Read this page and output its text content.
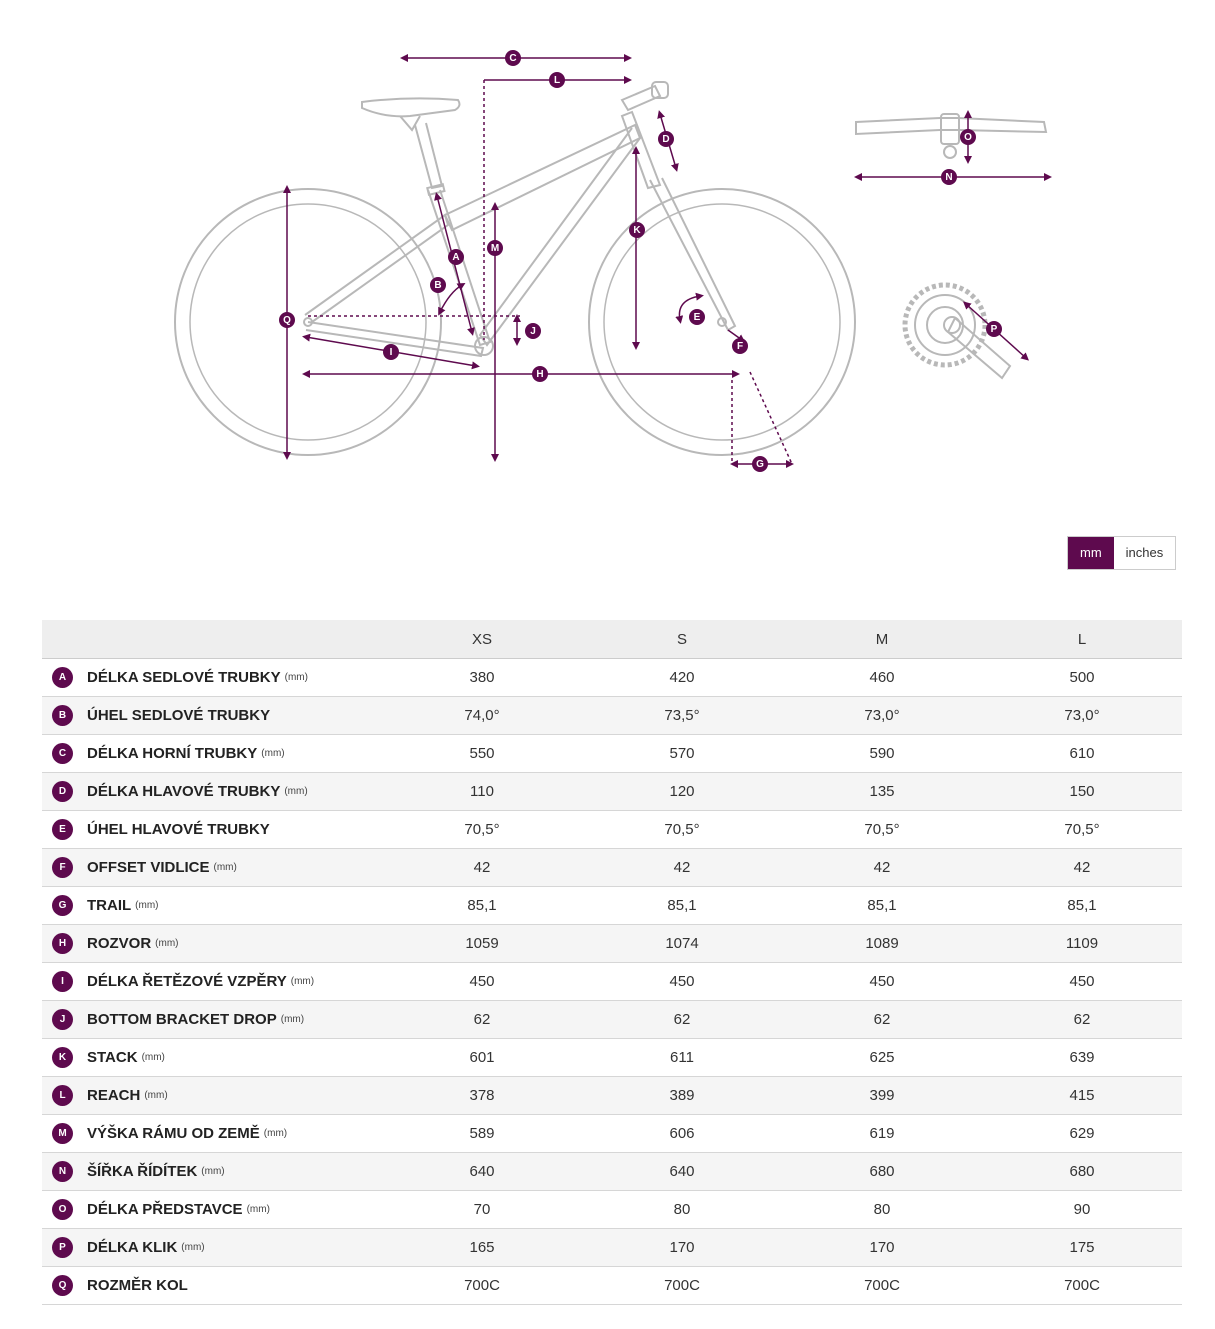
A
B
C
D
E
F
G
H
I
J
K
L
M
N
O
P
Q
mm	inches
	XS	S	M	L
A DÉLKA SEDLOVÉ TRUBKY (mm)	380	420	460	500
B ÚHEL SEDLOVÉ TRUBKY	74,0°	73,5°	73,0°	73,0°
C DÉLKA HORNÍ TRUBKY (mm)	550	570	590	610
D DÉLKA HLAVOVÉ TRUBKY (mm)	110	120	135	150
E ÚHEL HLAVOVÉ TRUBKY	70,5°	70,5°	70,5°	70,5°
F OFFSET VIDLICE (mm)	42	42	42	42
G TRAIL (mm)	85,1	85,1	85,1	85,1
H ROZVOR (mm)	1059	1074	1089	1109
I DÉLKA ŘETĚZOVÉ VZPĚRY (mm)	450	450	450	450
J BOTTOM BRACKET DROP (mm)	62	62	62	62
K STACK (mm)	601	611	625	639
L REACH (mm)	378	389	399	415
M VÝŠKA RÁMU OD ZEMĚ (mm)	589	606	619	629
N ŠÍŘKA ŘÍDÍTEK (mm)	640	640	680	680
O DÉLKA PŘEDSTAVCE (mm)	70	80	80	90
P DÉLKA KLIK (mm)	165	170	170	175
Q ROZMĚR KOL	700C	700C	700C	700C
